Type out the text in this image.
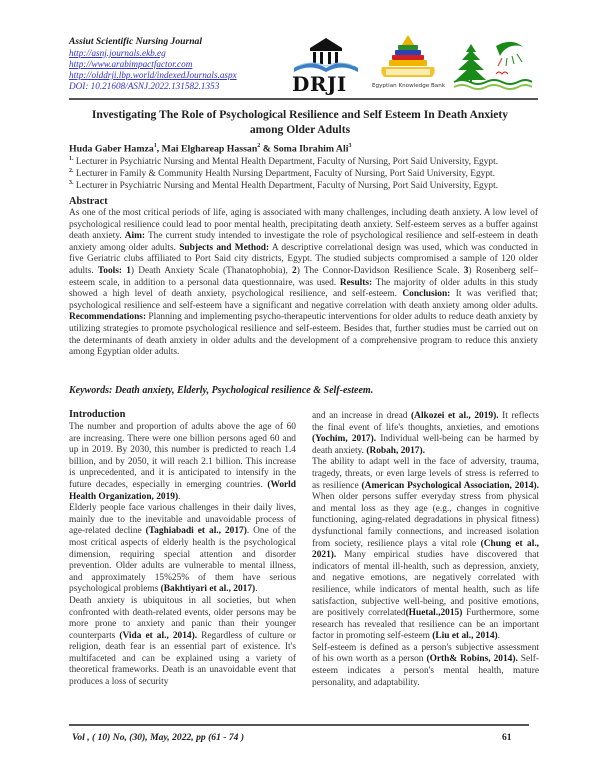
Assiut Scientific Nursing Journal
http://asnj.journals.ekb.eg
http://www.arabimpactfactor.com
http://olddrji.lbp.world/indexedJournals.aspx
DOI: 10.21608/ASNJ.2022.131582.1353	DRJI	Egyptian Knowledge Bank
Investigating The Role of Psychological Resilience and Self Esteem In Death Anxiety
among Older Adults
Huda Gaber Hamza$^1$, Mai Elghareap Hassan$^2$ & Soma Ibrahim Ali$^3$
$^{1.}$ Lecturer in Psychiatric Nursing and Mental Health Department, Faculty of Nursing, Port Said University, Egypt.
$^{2.}$ Lecturer in Family & Community Health Nursing Department, Faculty of Nursing, Port Said University, Egypt.
$^{3.}$ Lecturer in Psychiatric Nursing and Mental Health Department, Faculty of Nursing, Port Said University, Egypt.
Abstract
As one of the most critical periods of life, aging is associated with many challenges, including death anxiety. A low level of psychological resilience could lead to poor mental health, precipitating death anxiety. Self-esteem serves as a buffer against death anxiety. Aim: The current study intended to investigate the role of psychological resilience and self-esteem in death anxiety among older adults. Subjects and Method: A descriptive correlational design was used, which was conducted in five Geriatric clubs affiliated to Port Said city districts, Egypt. The studied subjects compromised a sample of 120 older adults. Tools: 1) Death Anxiety Scale (Thanatophobia), 2) The Connor-Davidson Resilience Scale. 3) Rosenberg self–esteem scale, in addition to a personal data questionnaire, was used. Results: The majority of older adults in this study showed a high level of death anxiety, psychological resilience, and self-esteem. Conclusion: It was verified that; psychological resilience and self-esteem have a significant and negative correlation with death anxiety among older adults. Recommendations: Planning and implementing psycho-therapeutic interventions for older adults to reduce death anxiety by utilizing strategies to promote psychological resilience and self-esteem. Besides that, further studies must be carried out on the determinants of death anxiety in older adults and the development of a comprehensive program to reduce this anxiety among Egyptian older adults.
Keywords: Death anxiety, Elderly, Psychological resilience & Self-esteem.
Introduction

The number and proportion of adults above the age of 60 are increasing. There were one billion persons aged 60 and up in 2019. By 2030, this number is predicted to reach 1.4 billion, and by 2050, it will reach 2.1 billion. This increase is unprecedented, and it is anticipated to intensify in the future decades, especially in emerging countries. (World Health Organization, 2019).

Elderly people face various challenges in their daily lives, mainly due to the inevitable and unavoidable process of age-related decline (Taghiabadi et al., 2017). One of the most critical aspects of elderly health is the psychological dimension, requiring special attention and disorder prevention. Older adults are vulnerable to mental illness, and approximately 15%25% of them have serious psychological problems (Bakhtiyari et al., 2017).

Death anxiety is ubiquitous in all societies, but when confronted with death-related events, older persons may be more prone to anxiety and panic than their younger counterparts (Vida et al., 2014). Regardless of culture or religion, death fear is an essential part of existence. It's multifaceted and can be explained using a variety of theoretical frameworks. Death is an unavoidable event that produces a loss of security

and an increase in dread (Alkozei et al., 2019). It reflects the final event of life's thoughts, anxieties, and emotions (Yochim, 2017). Individual well-being can be harmed by death anxiety. (Robah, 2017).

The ability to adapt well in the face of adversity, trauma, tragedy, threats, or even large levels of stress is referred to as resilience (American Psychological Association, 2014). When older persons suffer everyday stress from physical and mental loss as they age (e.g., changes in cognitive functioning, aging-related degradations in physical fitness) dysfunctional family connections, and increased isolation from society, resilience plays a vital role (Chung et al., 2021). Many empirical studies have discovered that indicators of mental ill-health, such as depression, anxiety, and negative emotions, are negatively correlated with resilience, while indicators of mental health, such as life satisfaction, subjective well-being, and positive emotions, are positively correlated(Huetal.,2015) Furthermore, some research has revealed that resilience can be an important factor in promoting self-esteem (Liu et al., 2014).

Self-esteem is defined as a person's subjective assessment of his own worth as a person (Orth& Robins, 2014). Self-esteem indicates a person's mental health, mature personality, and adaptability.

Vol , ( 10) No, (30), May, 2022, pp (61 - 74 )	61
